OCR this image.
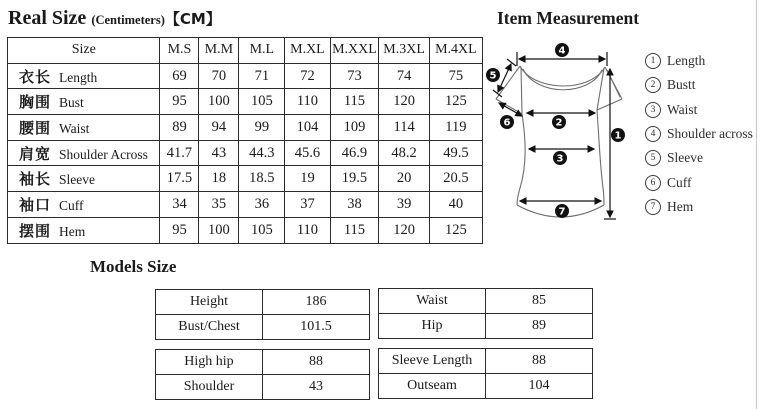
Real Size (Centimeters)【CM】
Size	M.S	M.M	M.L	M.XL	M.XXL	M.3XL	M.4XL
衣长 Length	69	70	71	72	73	74	75
胸围 Bust	95	100	105	110	115	120	125
腰围 Waist	89	94	99	104	109	114	119
肩宽 Shoulder Across	41.7	43	44.3	45.6	46.9	48.2	49.5
袖长 Sleeve	17.5	18	18.5	19	19.5	20	20.5
袖口 Cuff	34	35	36	37	38	39	40
摆围 Hem	95	100	105	110	115	120	125
Item Measurement
4
5
6	2
1
3
7
1 Length
2 Bustt
3 Waist
4 Shoulder across
5 Sleeve
6 Cuff
7 Hem
Models Size
Height	186
Bust/Chest	101.5
Waist	85
Hip	89
High hip	88
Shoulder	43
Sleeve Length	88
Outseam	104
